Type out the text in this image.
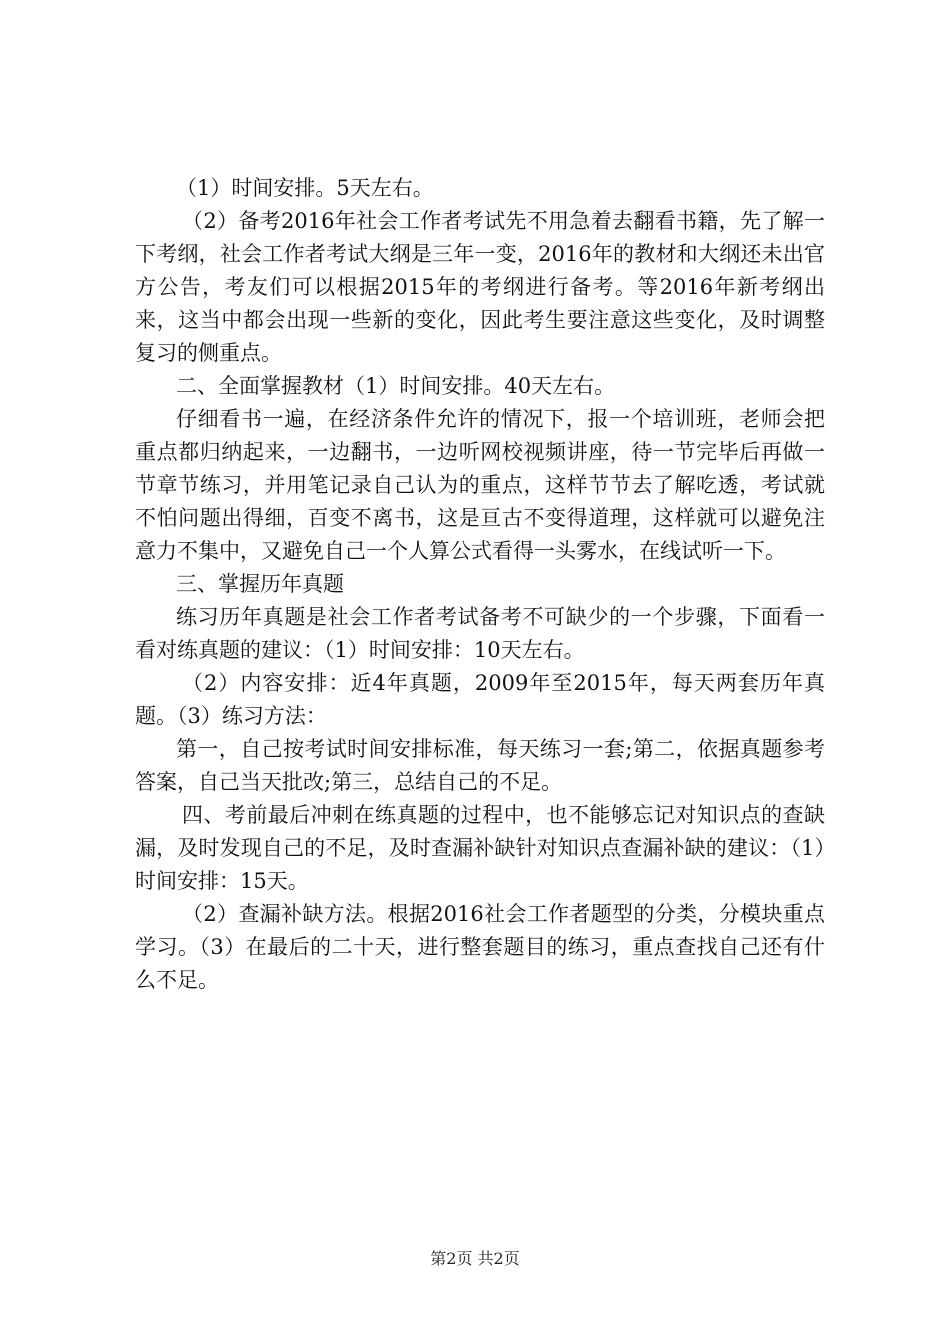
（1）时间安排。5天左右。

（2）备考2016年社会工作者考试先不用急着去翻看书籍，先了解一下考纲，社会工作者考试大纲是三年一变，2016年的教材和大纲还未出官方公告，考友们可以根据2015年的考纲进行备考。等2016年新考纲出来，这当中都会出现一些新的变化，因此考生要注意这些变化，及时调整复习的侧重点。

二、全面掌握教材（1）时间安排。40天左右。

仔细看书一遍，在经济条件允许的情况下，报一个培训班，老师会把重点都归纳起来，一边翻书，一边听网校视频讲座，待一节完毕后再做一节章节练习，并用笔记录自己认为的重点，这样节节去了解吃透，考试就不怕问题出得细，百变不离书，这是亘古不变得道理，这样就可以避免注意力不集中，又避免自己一个人算公式看得一头雾水，在线试听一下。

三、掌握历年真题

练习历年真题是社会工作者考试备考不可缺少的一个步骤，下面看一看对练真题的建议：（1）时间安排：10天左右。

（2）内容安排：近4年真题，2009年至2015年，每天两套历年真题。（3）练习方法：

第一，自己按考试时间安排标准，每天练习一套;第二，依据真题参考答案，自己当天批改;第三，总结自己的不足。

四、考前最后冲刺在练真题的过程中，也不能够忘记对知识点的查缺漏，及时发现自己的不足，及时查漏补缺针对知识点查漏补缺的建议：（1）时间安排：15天。

（2）查漏补缺方法。根据2016社会工作者题型的分类，分模块重点学习。（3）在最后的二十天，进行整套题目的练习，重点查找自己还有什么不足。

第2页 共2页
